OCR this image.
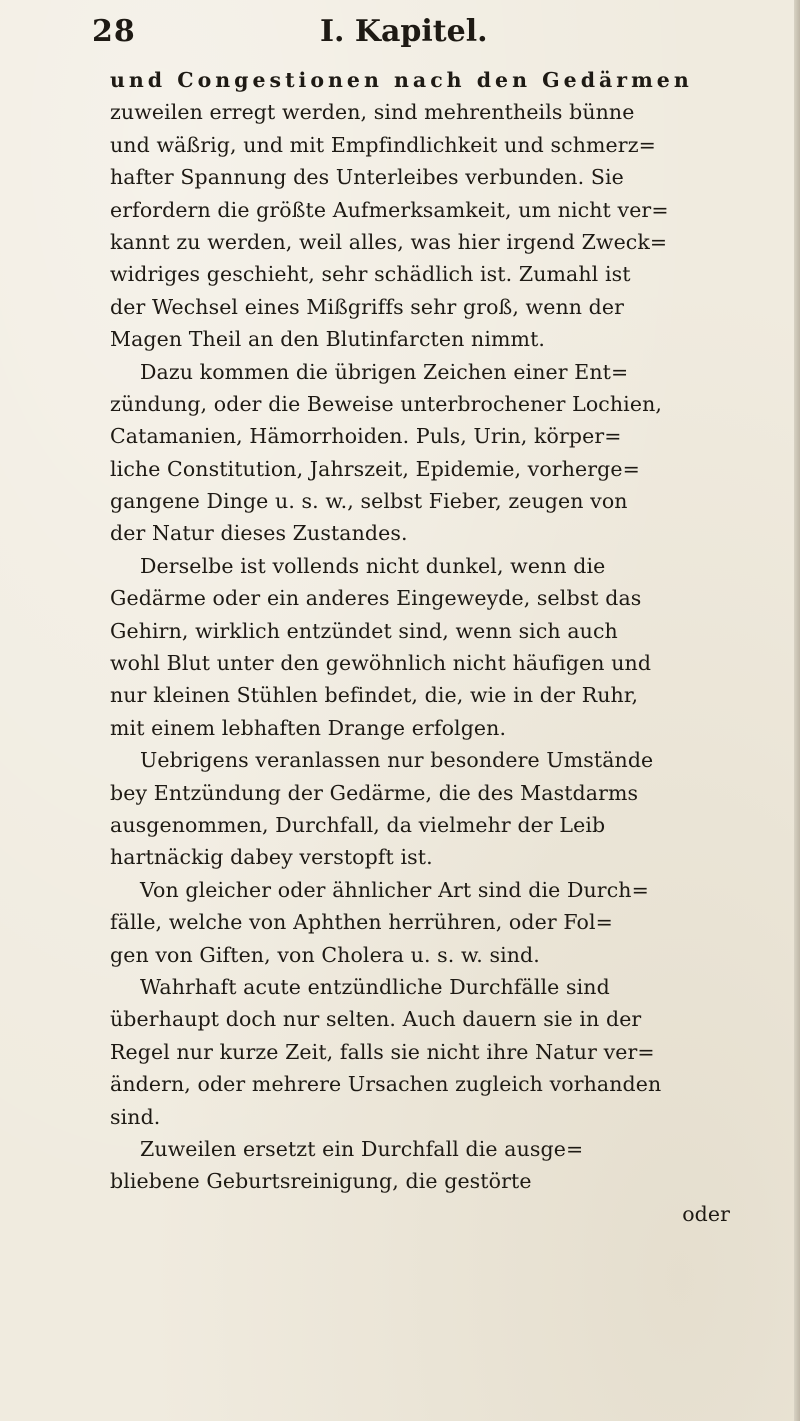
28	I. Kapitel.
und Congestionen nach den Gedärmen
zuweilen erregt werden, sind mehrentheils bünne
und wäßrig, und mit Empfindlichkeit und schmerz=
hafter Spannung des Unterleibes verbunden. Sie
erfordern die größte Aufmerksamkeit, um nicht ver=
kannt zu werden, weil alles, was hier irgend Zweck=
widriges geschieht, sehr schädlich ist. Zumahl ist
der Wechsel eines Mißgriffs sehr groß, wenn der
Magen Theil an den Blutinfarcten nimmt.
Dazu kommen die übrigen Zeichen einer Ent=
zündung, oder die Beweise unterbrochener Lochien,
Catamanien, Hämorrhoiden. Puls, Urin, körper=
liche Constitution, Jahrszeit, Epidemie, vorherge=
gangene Dinge u. s. w., selbst Fieber, zeugen von
der Natur dieses Zustandes.
Derselbe ist vollends nicht dunkel, wenn die
Gedärme oder ein anderes Eingeweyde, selbst das
Gehirn, wirklich entzündet sind, wenn sich auch
wohl Blut unter den gewöhnlich nicht häufigen und
nur kleinen Stühlen befindet, die, wie in der Ruhr,
mit einem lebhaften Drange erfolgen.
Uebrigens veranlassen nur besondere Umstände
bey Entzündung der Gedärme, die des Mastdarms
ausgenommen, Durchfall, da vielmehr der Leib
hartnäckig dabey verstopft ist.
Von gleicher oder ähnlicher Art sind die Durch=
fälle, welche von Aphthen herrühren, oder Fol=
gen von Giften, von Cholera u. s. w. sind.
Wahrhaft acute entzündliche Durchfälle sind
überhaupt doch nur selten. Auch dauern sie in der
Regel nur kurze Zeit, falls sie nicht ihre Natur ver=
ändern, oder mehrere Ursachen zugleich vorhanden
sind.
Zuweilen ersetzt ein Durchfall die ausge=
bliebene Geburtsreinigung, die gestörte
oder
